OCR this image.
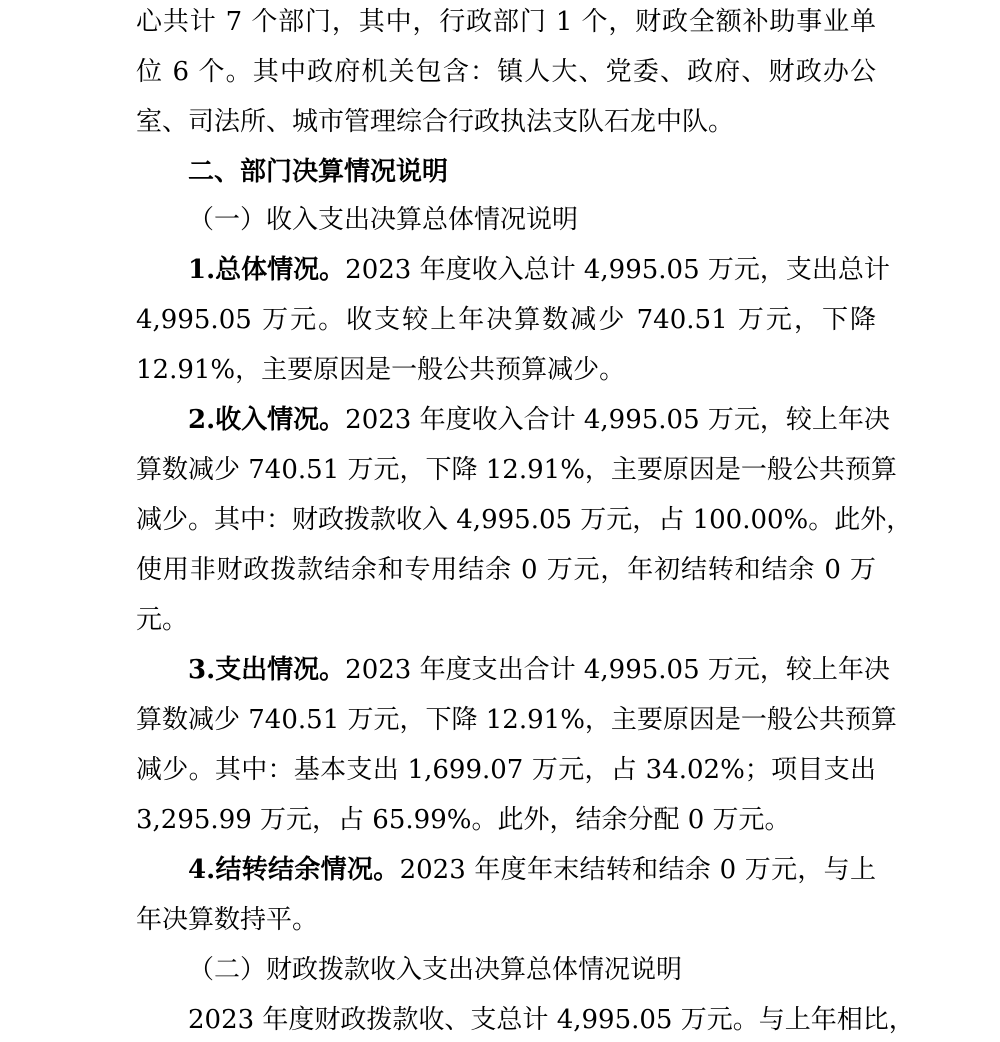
心共计 7 个部门，其中，行政部门 1 个，财政全额补助事业单
位 6 个。其中政府机关包含：镇人大、党委、政府、财政办公
室、司法所、城市管理综合行政执法支队石龙中队。
二、部门决算情况说明
（一）收入支出决算总体情况说明
1.总体情况。2023 年度收入总计 4,995.05 万元，支出总计
4,995.05 万元。收支较上年决算数减少 740.51 万元，下降
12.91%，主要原因是一般公共预算减少。
2.收入情况。2023 年度收入合计 4,995.05 万元，较上年决
算数减少 740.51 万元，下降 12.91%，主要原因是一般公共预算
减少。其中：财政拨款收入 4,995.05 万元，占 100.00%。此外，
使用非财政拨款结余和专用结余 0 万元，年初结转和结余 0 万
元。
3.支出情况。2023 年度支出合计 4,995.05 万元，较上年决
算数减少 740.51 万元，下降 12.91%，主要原因是一般公共预算
减少。其中：基本支出 1,699.07 万元，占 34.02%；项目支出
3,295.99 万元，占 65.99%。此外，结余分配 0 万元。
4.结转结余情况。2023 年度年末结转和结余 0 万元，与上
年决算数持平。
（二）财政拨款收入支出决算总体情况说明
2023 年度财政拨款收、支总计 4,995.05 万元。与上年相比，
